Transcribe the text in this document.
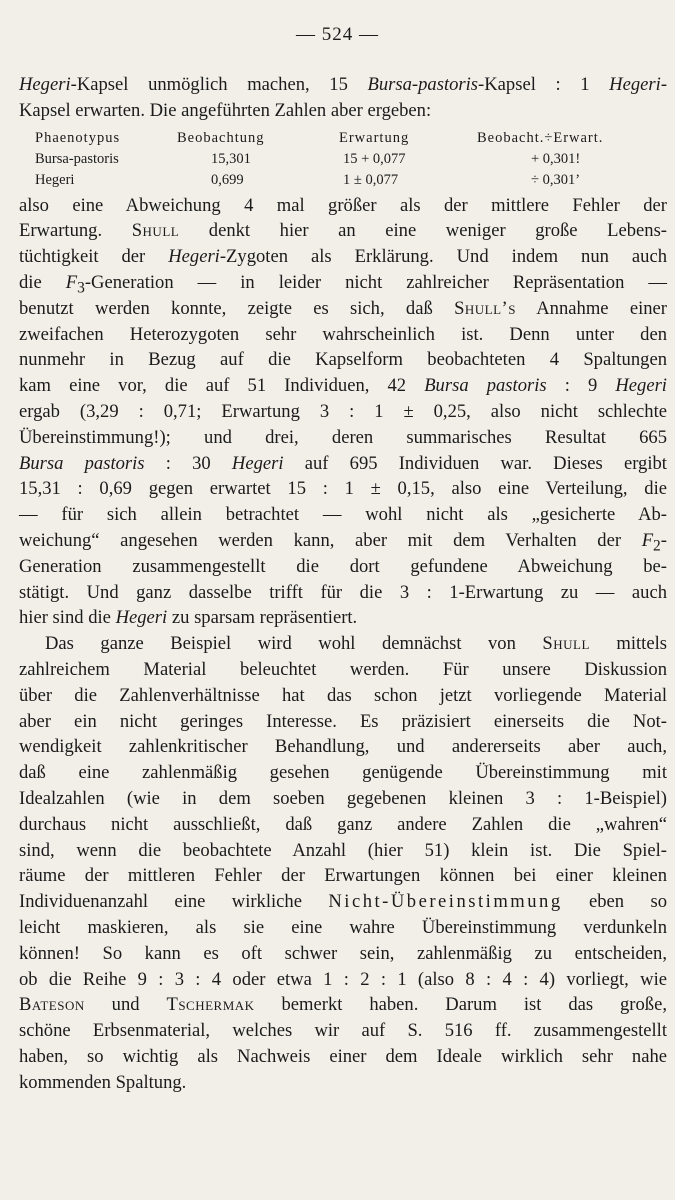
— 524 —
Hegeri-Kapsel unmöglich machen, 15 Bursa-pastoris-Kapsel : 1 Hegeri-
Kapsel erwarten. Die angeführten Zahlen aber ergeben:
Phaenotypus	Beobachtung	Erwartung	Beobacht.÷Erwart.
Bursa-pastoris	15,301	15 + 0,077	+ 0,301!
Hegeri	0,699	1 ± 0,077	÷ 0,301’
also eine Abweichung 4 mal größer als der mittlere Fehler der
Erwartung. Shull denkt hier an eine weniger große Lebens-
tüchtigkeit der Hegeri-Zygoten als Erklärung. Und indem nun auch
die $F_3$-Generation — in leider nicht zahlreicher Repräsentation —
benutzt werden konnte, zeigte es sich, daß Shull’s Annahme einer
zweifachen Heterozygoten sehr wahrscheinlich ist. Denn unter den
nunmehr in Bezug auf die Kapselform beobachteten 4 Spaltungen
kam eine vor, die auf 51 Individuen, 42 Bursa pastoris : 9 Hegeri
ergab (3,29 : 0,71; Erwartung 3 : 1 ± 0,25, also nicht schlechte
Übereinstimmung!); und drei, deren summarisches Resultat 665
Bursa pastoris : 30 Hegeri auf 695 Individuen war. Dieses ergibt
15,31 : 0,69 gegen erwartet 15 : 1 ± 0,15, also eine Verteilung, die
— für sich allein betrachtet — wohl nicht als „gesicherte Ab-
weichung“ angesehen werden kann, aber mit dem Verhalten der $F_2-$
Generation zusammengestellt die dort gefundene Abweichung be-
stätigt. Und ganz dasselbe trifft für die 3 : 1-Erwartung zu — auch
hier sind die Hegeri zu sparsam repräsentiert.
Das ganze Beispiel wird wohl demnächst von Shull mittels
zahlreichem Material beleuchtet werden. Für unsere Diskussion
über die Zahlenverhältnisse hat das schon jetzt vorliegende Material
aber ein nicht geringes Interesse. Es präzisiert einerseits die Not-
wendigkeit zahlenkritischer Behandlung, und andererseits aber auch,
daß eine zahlenmäßig gesehen genügende Übereinstimmung mit
Idealzahlen (wie in dem soeben gegebenen kleinen 3 : 1-Beispiel)
durchaus nicht ausschließt, daß ganz andere Zahlen die „wahren“
sind, wenn die beobachtete Anzahl (hier 51) klein ist. Die Spiel-
räume der mittleren Fehler der Erwartungen können bei einer kleinen
Individuenanzahl eine wirkliche Nicht-Übereinstimmung eben so
leicht maskieren, als sie eine wahre Übereinstimmung verdunkeln
können! So kann es oft schwer sein, zahlenmäßig zu entscheiden,
ob die Reihe 9 : 3 : 4 oder etwa 1 : 2 : 1 (also 8 : 4 : 4) vorliegt, wie
Bateson und Tschermak bemerkt haben. Darum ist das große,
schöne Erbsenmaterial, welches wir auf S. 516 ff. zusammengestellt
haben, so wichtig als Nachweis einer dem Ideale wirklich sehr nahe
kommenden Spaltung.
